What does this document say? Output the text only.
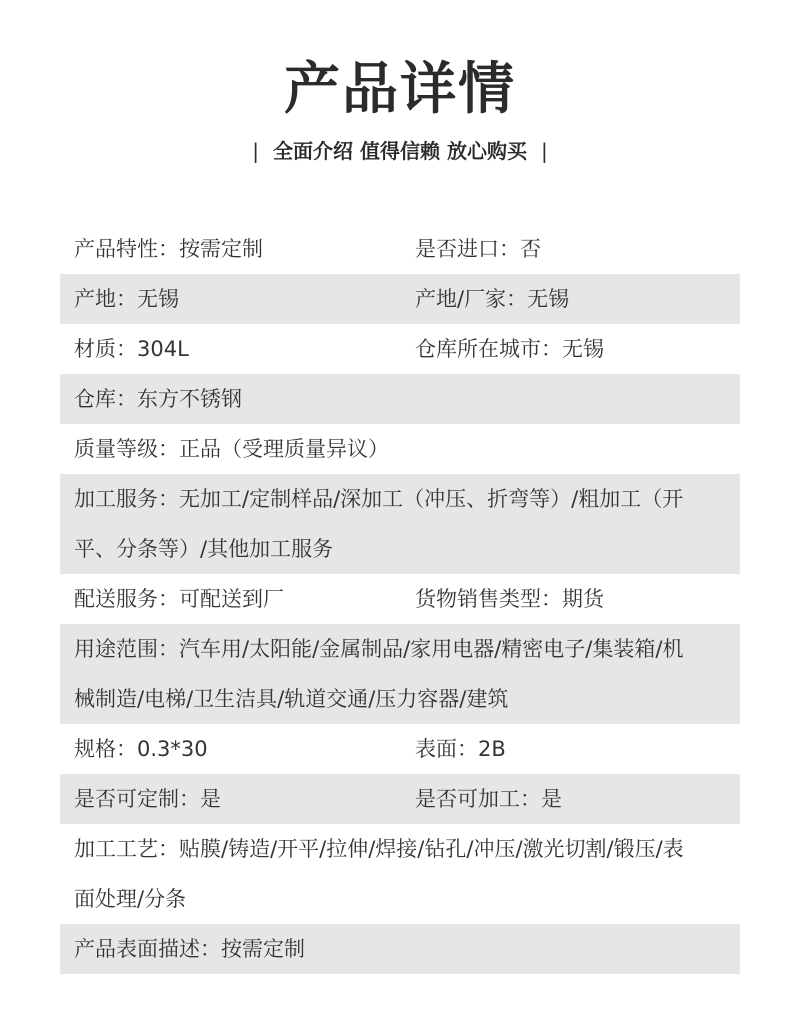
产品详情
| 全面介绍 值得信赖 放心购买 |
产品特性：按需定制	是否进口：否
产地：无锡	产地/厂家：无锡
材质：304L	仓库所在城市：无锡
仓库：东方不锈钢
质量等级：正品（受理质量异议）
加工服务：无加工/定制样品/深加工（冲压、折弯等）/粗加工（开平、分条等）/其他加工服务
配送服务：可配送到厂	货物销售类型：期货
用途范围：汽车用/太阳能/金属制品/家用电器/精密电子/集装箱/机械制造/电梯/卫生洁具/轨道交通/压力容器/建筑
规格：0.3*30	表面：2B
是否可定制：是	是否可加工：是
加工工艺：贴膜/铸造/开平/拉伸/焊接/钻孔/冲压/激光切割/锻压/表面处理/分条
产品表面描述：按需定制
